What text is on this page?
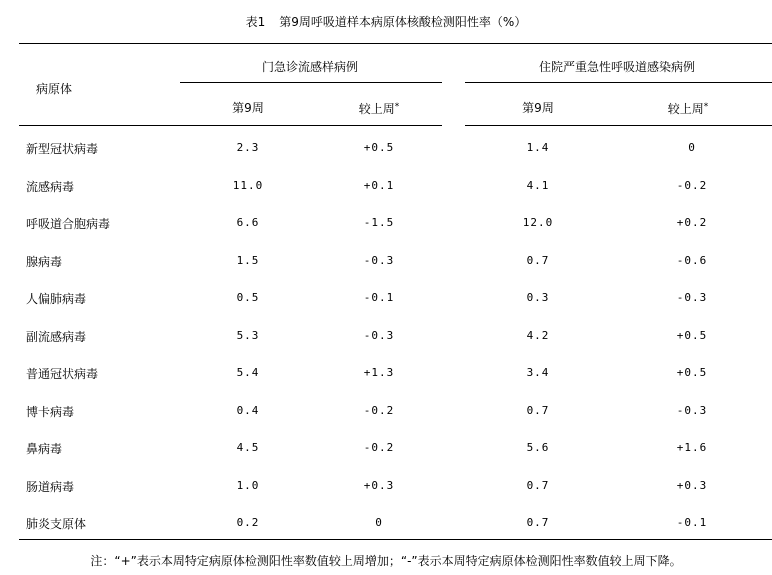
表1 第9周呼吸道样本病原体核酸检测阳性率（%）
病原体
门急诊流感样病例	住院严重急性呼吸道感染病例
第9周	较上周*	第9周	较上周*
新型冠状病毒	2.3	+0.5	1.4	0
流感病毒	11.0	+0.1	4.1	-0.2
呼吸道合胞病毒	6.6	-1.5	12.0	+0.2
腺病毒	1.5	-0.3	0.7	-0.6
人偏肺病毒	0.5	-0.1	0.3	-0.3
副流感病毒	5.3	-0.3	4.2	+0.5
普通冠状病毒	5.4	+1.3	3.4	+0.5
博卡病毒	0.4	-0.2	0.7	-0.3
鼻病毒	4.5	-0.2	5.6	+1.6
肠道病毒	1.0	+0.3	0.7	+0.3
肺炎支原体	0.2	0	0.7	-0.1
注：“+”表示本周特定病原体检测阳性率数值较上周增加；“-”表示本周特定病原体检测阳性率数值较上周下降。
